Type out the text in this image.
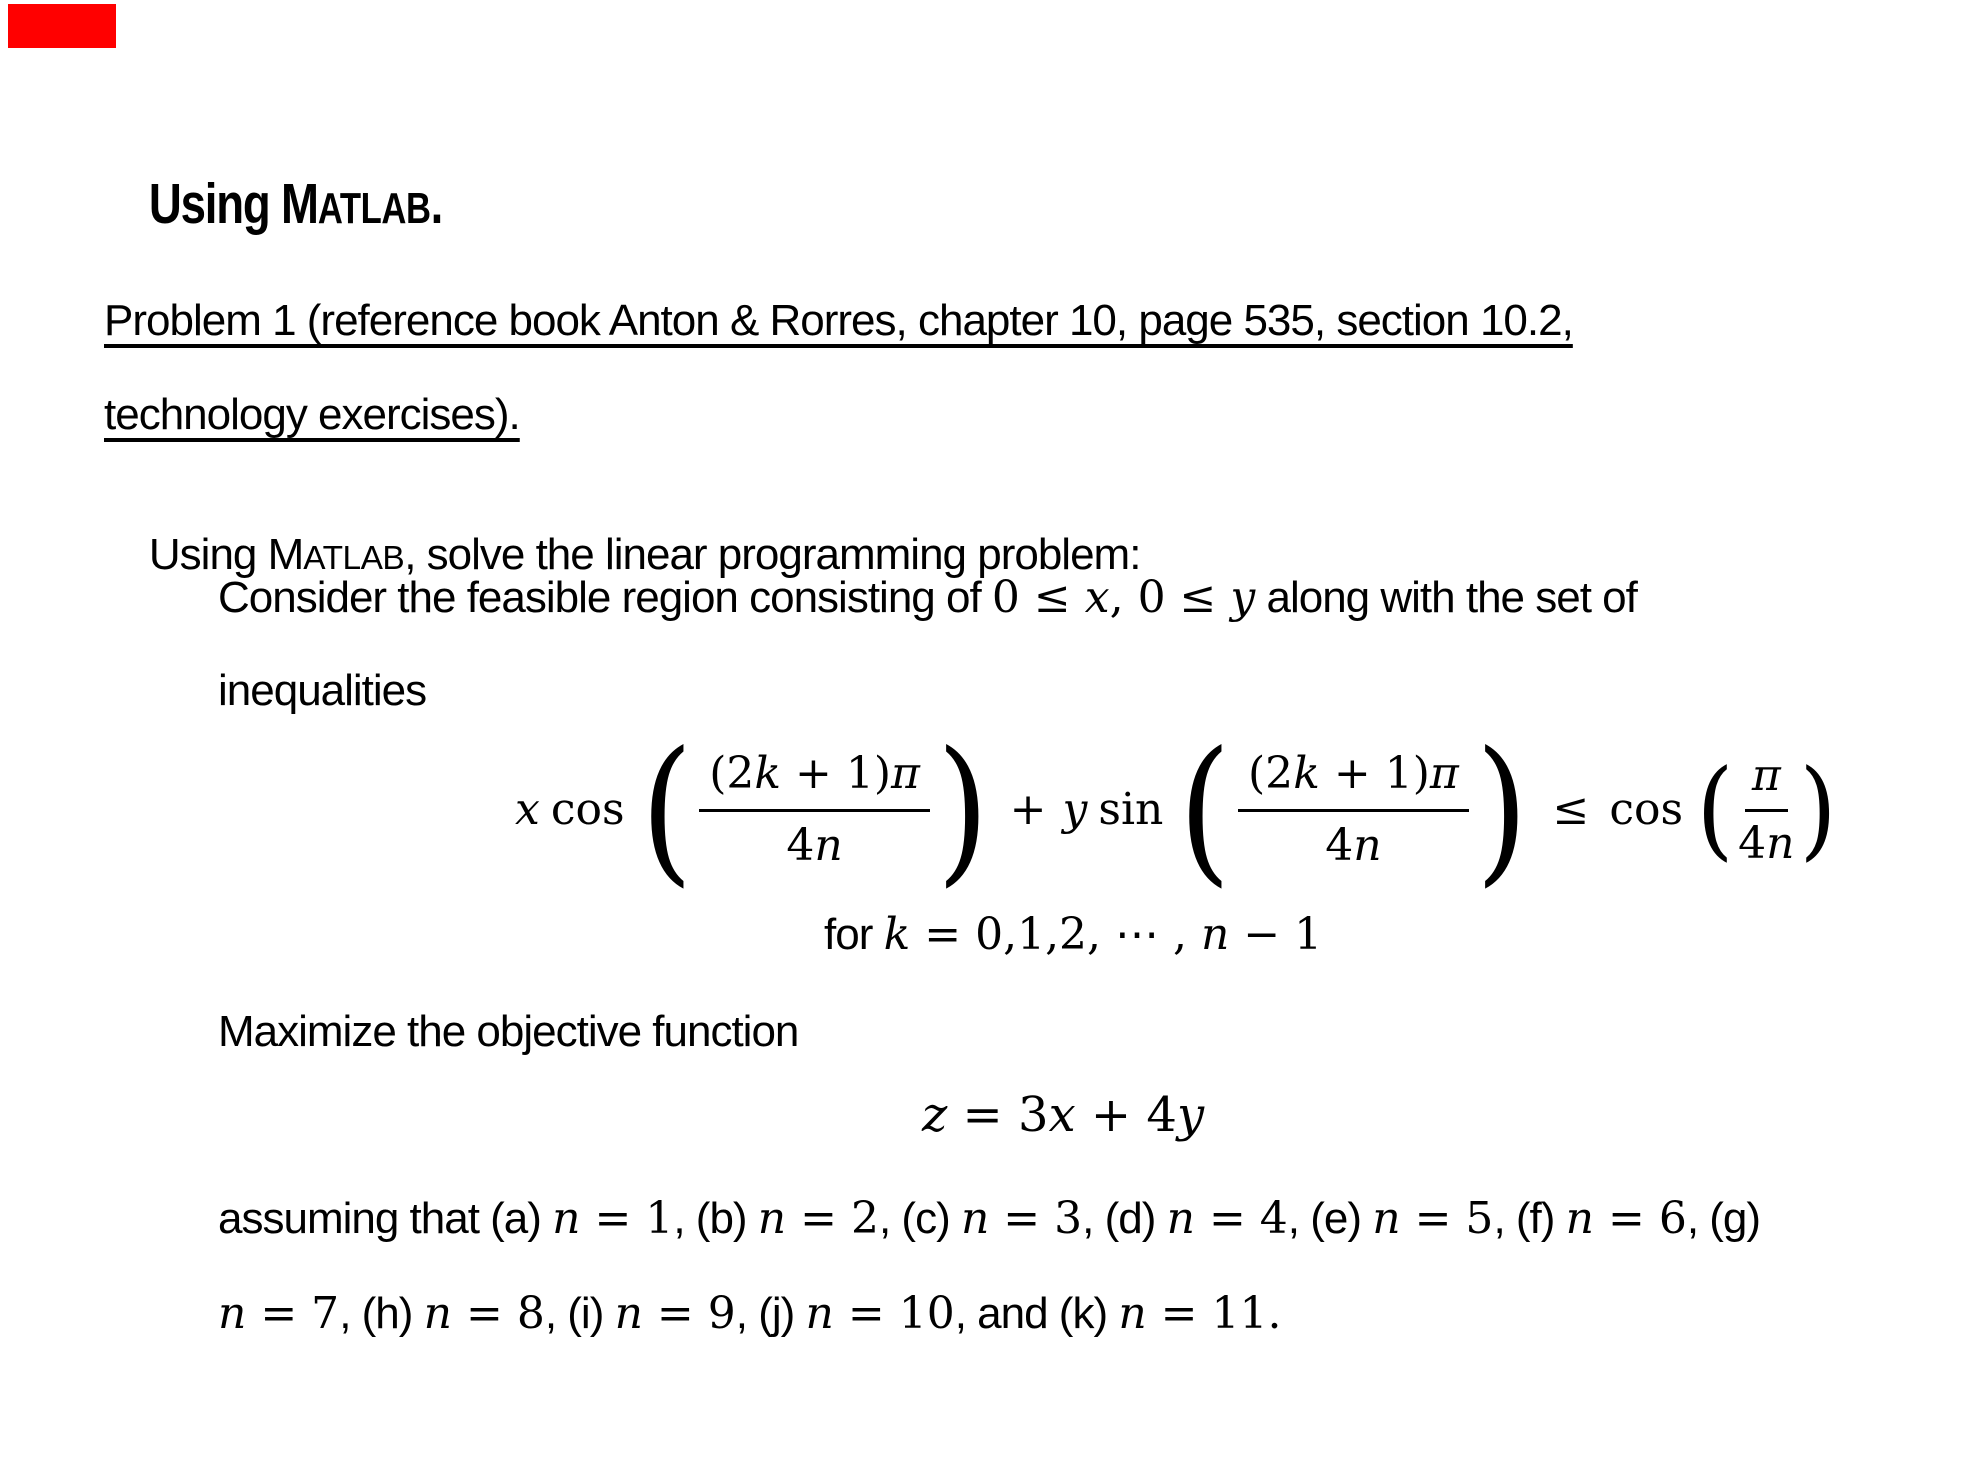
Using MATLAB.

Problem 1 (reference book Anton & Rorres, chapter 10, page 535, section 10.2,
technology exercises).

Using MATLAB, solve the linear programming problem:

Consider the feasible region consisting of 0 ≤ x, 0 ≤ y along with the set of
inequalities
x cos ( $\frac{(2k + 1)\pi}{4n}$ ) + y sin ( $\frac{(2k + 1)\pi}{4n}$ ) ≤ cos ( $\frac{\pi}{4n}$ )
for k = 0,1,2, ⋯ , n − 1
Maximize the objective function
z = 3x + 4y
assuming that (a) n = 1, (b) n = 2, (c) n = 3, (d) n = 4, (e) n = 5, (f) n = 6, (g)
n = 7, (h) n = 8, (i) n = 9, (j) n = 10, and (k) n = 11.
